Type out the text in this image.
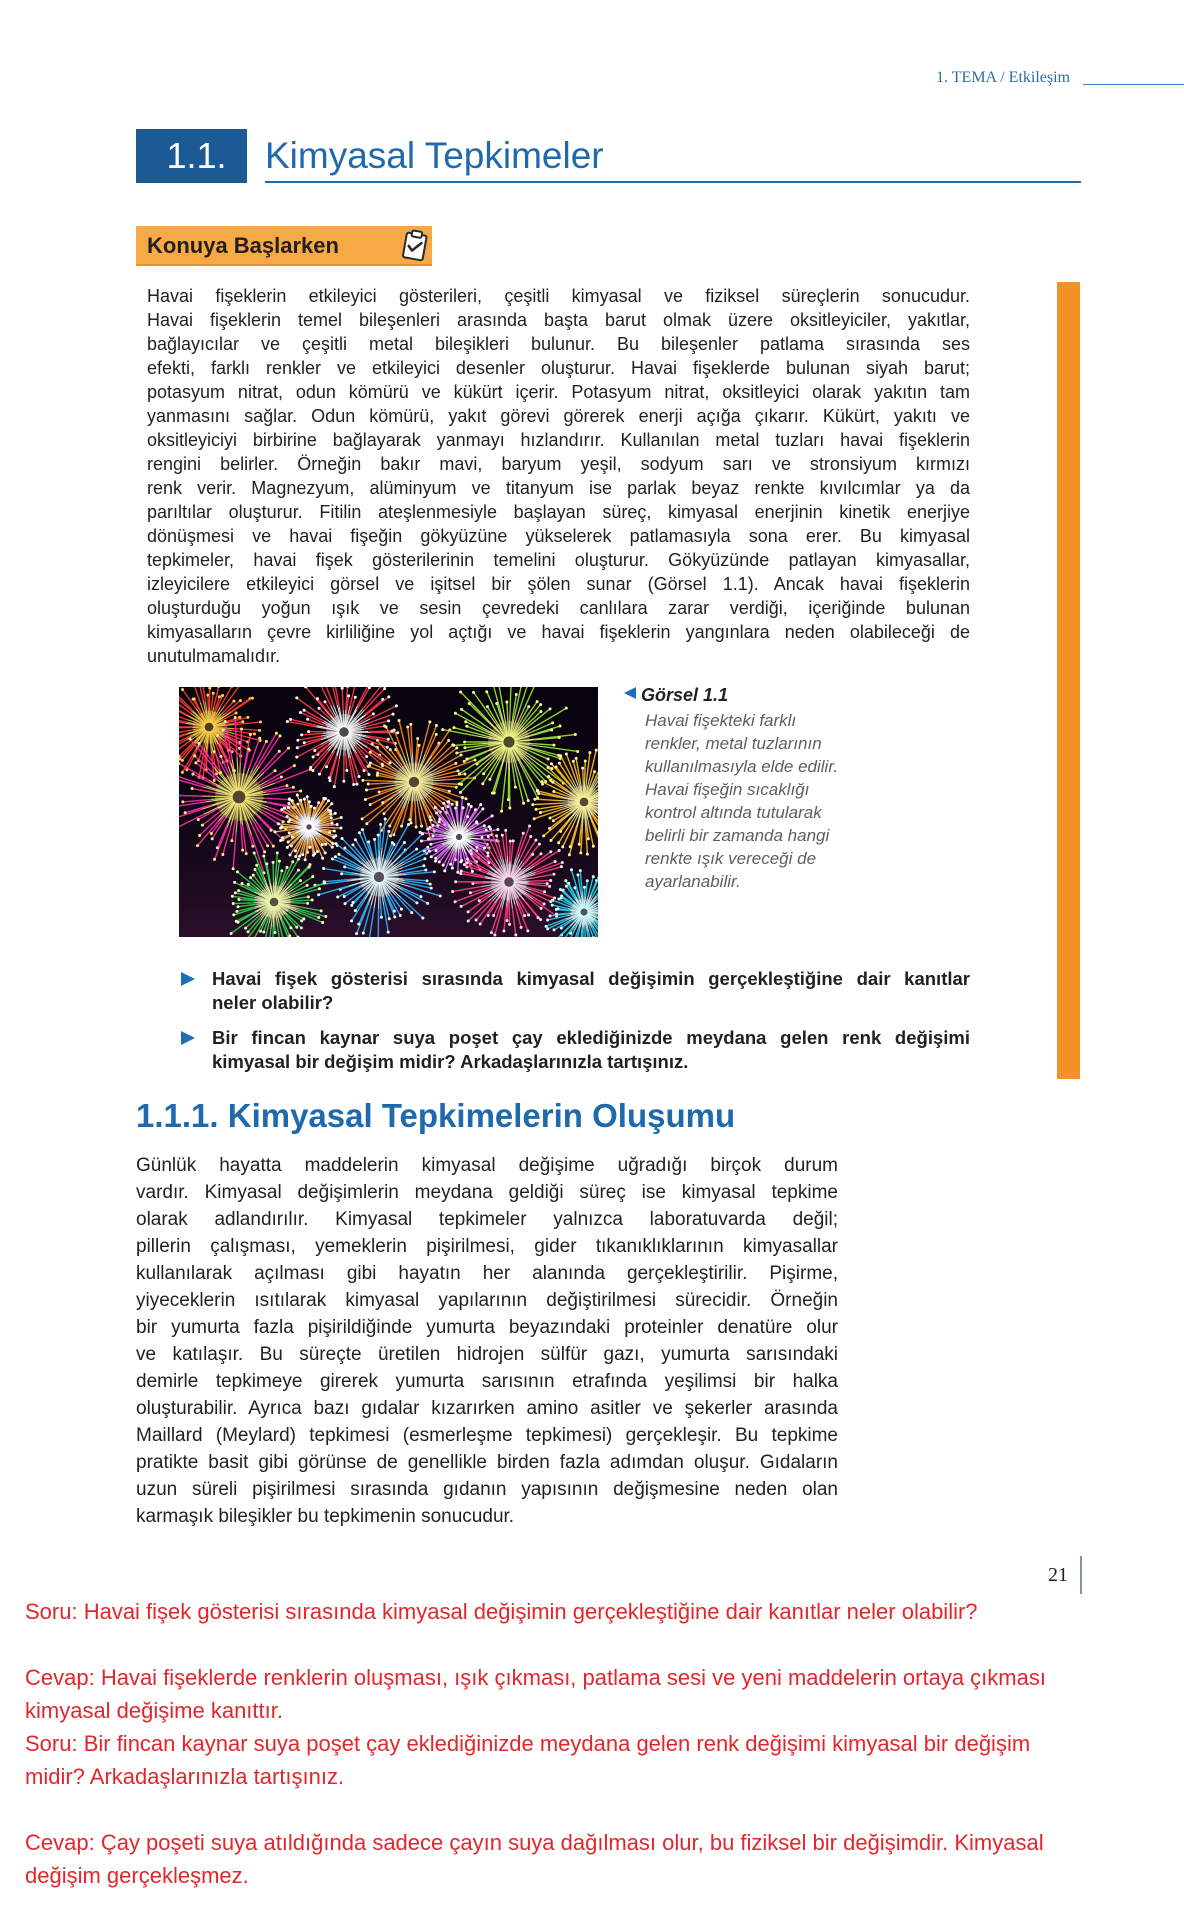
1. TEMA / Etkileşim
1.1.	Kimyasal Tepkimeler
Konuya Başlarken
Havai fişeklerin etkileyici gösterileri, çeşitli kimyasal ve fiziksel süreçlerin sonucudur.
Havai fişeklerin temel bileşenleri arasında başta barut olmak üzere oksitleyiciler, yakıtlar,
bağlayıcılar ve çeşitli metal bileşikleri bulunur. Bu bileşenler patlama sırasında ses
efekti, farklı renkler ve etkileyici desenler oluşturur. Havai fişeklerde bulunan siyah barut;
potasyum nitrat, odun kömürü ve kükürt içerir. Potasyum nitrat, oksitleyici olarak yakıtın tam
yanmasını sağlar. Odun kömürü, yakıt görevi görerek enerji açığa çıkarır. Kükürt, yakıtı ve
oksitleyiciyi birbirine bağlayarak yanmayı hızlandırır. Kullanılan metal tuzları havai fişeklerin
rengini belirler. Örneğin bakır mavi, baryum yeşil, sodyum sarı ve stronsiyum kırmızı
renk verir. Magnezyum, alüminyum ve titanyum ise parlak beyaz renkte kıvılcımlar ya da
parıltılar oluşturur. Fitilin ateşlenmesiyle başlayan süreç, kimyasal enerjinin kinetik enerjiye
dönüşmesi ve havai fişeğin gökyüzüne yükselerek patlamasıyla sona erer. Bu kimyasal
tepkimeler, havai fişek gösterilerinin temelini oluşturur. Gökyüzünde patlayan kimyasallar,
izleyicilere etkileyici görsel ve işitsel bir şölen sunar (Görsel 1.1). Ancak havai fişeklerin
oluşturduğu yoğun ışık ve sesin çevredeki canlılara zarar verdiği, içeriğinde bulunan
kimyasalların çevre kirliliğine yol açtığı ve havai fişeklerin yangınlara neden olabileceği de
unutulmamalıdır.
Görsel 1.1
Havai fişekteki farklı
renkler, metal tuzlarının
kullanılmasıyla elde edilir.
Havai fişeğin sıcaklığı
kontrol altında tutularak
belirli bir zamanda hangi
renkte ışık vereceği de
ayarlanabilir.
Havai fişek gösterisi sırasında kimyasal değişimin gerçekleştiğine dair kanıtlar
neler olabilir?
Bir fincan kaynar suya poşet çay eklediğinizde meydana gelen renk değişimi
kimyasal bir değişim midir? Arkadaşlarınızla tartışınız.
1.1.1. Kimyasal Tepkimelerin Oluşumu
Günlük hayatta maddelerin kimyasal değişime uğradığı birçok durum
vardır. Kimyasal değişimlerin meydana geldiği süreç ise kimyasal tepkime
olarak adlandırılır. Kimyasal tepkimeler yalnızca laboratuvarda değil;
pillerin çalışması, yemeklerin pişirilmesi, gider tıkanıklıklarının kimyasallar
kullanılarak açılması gibi hayatın her alanında gerçekleştirilir. Pişirme,
yiyeceklerin ısıtılarak kimyasal yapılarının değiştirilmesi sürecidir. Örneğin
bir yumurta fazla pişirildiğinde yumurta beyazındaki proteinler denatüre olur
ve katılaşır. Bu süreçte üretilen hidrojen sülfür gazı, yumurta sarısındaki
demirle tepkimeye girerek yumurta sarısının etrafında yeşilimsi bir halka
oluşturabilir. Ayrıca bazı gıdalar kızarırken amino asitler ve şekerler arasında
Maillard (Meylard) tepkimesi (esmerleşme tepkimesi) gerçekleşir. Bu tepkime
pratikte basit gibi görünse de genellikle birden fazla adımdan oluşur. Gıdaların
uzun süreli pişirilmesi sırasında gıdanın yapısının değişmesine neden olan
karmaşık bileşikler bu tepkimenin sonucudur.
21
Soru: Havai fişek gösterisi sırasında kimyasal değişimin gerçekleştiğine dair kanıtlar neler olabilir?
Cevap: Havai fişeklerde renklerin oluşması, ışık çıkması, patlama sesi ve yeni maddelerin ortaya çıkması
kimyasal değişime kanıttır.
Soru: Bir fincan kaynar suya poşet çay eklediğinizde meydana gelen renk değişimi kimyasal bir değişim
midir? Arkadaşlarınızla tartışınız.
Cevap: Çay poşeti suya atıldığında sadece çayın suya dağılması olur, bu fiziksel bir değişimdir. Kimyasal
değişim gerçekleşmez.
